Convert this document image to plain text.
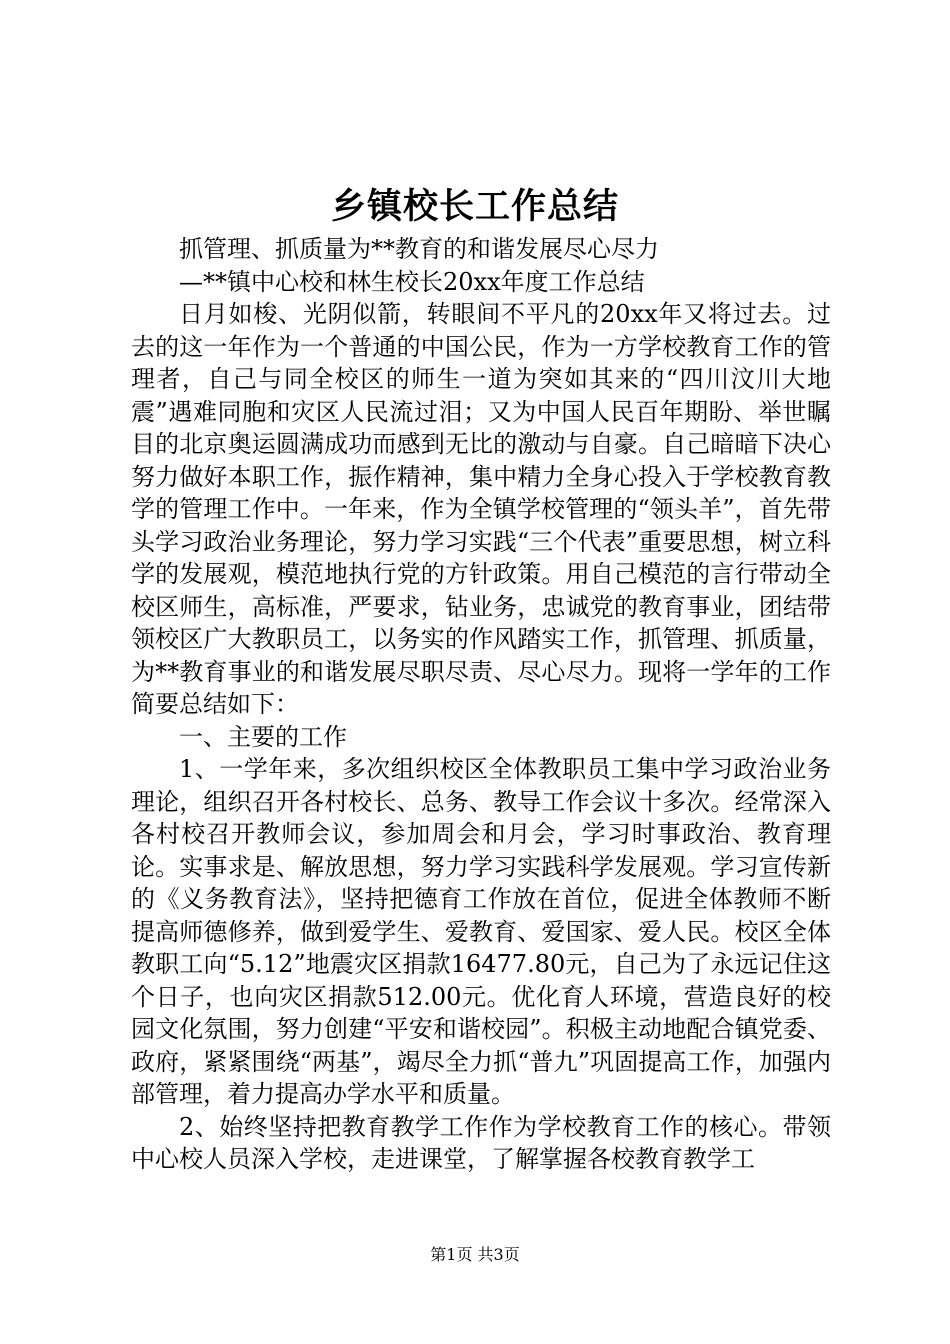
乡镇校长工作总结

抓管理、抓质量为**教育的和谐发展尽心尽力

—**镇中心校和林生校长20xx年度工作总结

日月如梭、光阴似箭，转眼间不平凡的20xx年又将过去。过去的这一年作为一个普通的中国公民，作为一方学校教育工作的管理者，自己与同全校区的师生一道为突如其来的“四川汶川大地震”遇难同胞和灾区人民流过泪；又为中国人民百年期盼、举世瞩目的北京奥运圆满成功而感到无比的激动与自豪。自己暗暗下决心努力做好本职工作，振作精神，集中精力全身心投入于学校教育教学的管理工作中。一年来，作为全镇学校管理的“领头羊”，首先带头学习政治业务理论，努力学习实践“三个代表”重要思想，树立科学的发展观，模范地执行党的方针政策。用自己模范的言行带动全校区师生，高标准，严要求，钻业务，忠诚党的教育事业，团结带领校区广大教职员工，以务实的作风踏实工作，抓管理、抓质量，为**教育事业的和谐发展尽职尽责、尽心尽力。现将一学年的工作简要总结如下：

一、主要的工作

1、一学年来，多次组织校区全体教职员工集中学习政治业务理论，组织召开各村校长、总务、教导工作会议十多次。经常深入各村校召开教师会议，参加周会和月会，学习时事政治、教育理论。实事求是、解放思想，努力学习实践科学发展观。学习宣传新的《义务教育法》，坚持把德育工作放在首位，促进全体教师不断提高师德修养，做到爱学生、爱教育、爱国家、爱人民。校区全体教职工向“5.12”地震灾区捐款16477.80元，自己为了永远记住这个日子，也向灾区捐款512.00元。优化育人环境，营造良好的校园文化氛围，努力创建“平安和谐校园”。积极主动地配合镇党委、政府，紧紧围绕“两基”，竭尽全力抓“普九”巩固提高工作，加强内部管理，着力提高办学水平和质量。

2、始终坚持把教育教学工作作为学校教育工作的核心。带领中心校人员深入学校，走进课堂，了解掌握各校教育教学工

第1页 共3页
